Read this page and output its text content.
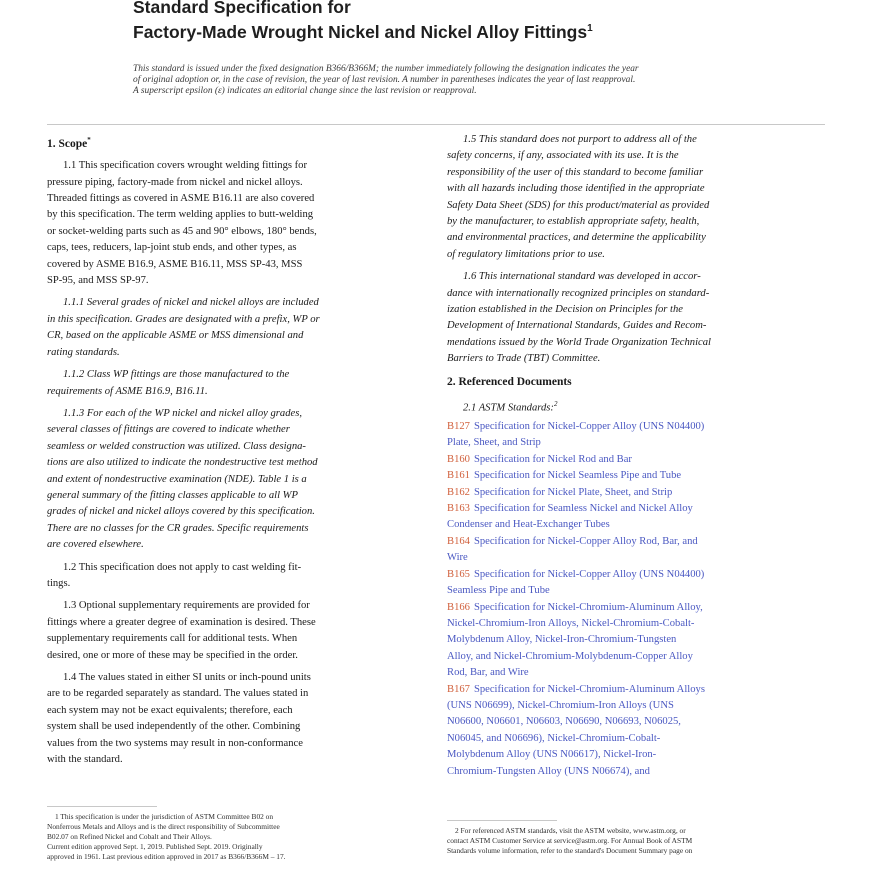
Standard Specification for
Factory-Made Wrought Nickel and Nickel Alloy Fittings$^1$
This standard is issued under the fixed designation B366/B366M; the number immediately following the designation indicates the year
of original adoption or, in the case of revision, the year of last revision. A number in parentheses indicates the year of last reapproval.
A superscript epsilon (ε) indicates an editorial change since the last revision or reapproval.
1. Scope*
1.1 This specification covers wrought welding fittings for
pressure piping, factory-made from nickel and nickel alloys.
Threaded fittings as covered in ASME B16.11 are also covered
by this specification. The term welding applies to butt-welding
or socket-welding parts such as 45 and 90° elbows, 180° bends,
caps, tees, reducers, lap-joint stub ends, and other types, as
covered by ASME B16.9, ASME B16.11, MSS SP-43, MSS
SP-95, and MSS SP-97.
1.1.1 Several grades of nickel and nickel alloys are included
in this specification. Grades are designated with a prefix, WP or
CR, based on the applicable ASME or MSS dimensional and
rating standards.
1.1.2 Class WP fittings are those manufactured to the
requirements of ASME B16.9, B16.11.
1.1.3 For each of the WP nickel and nickel alloy grades,
several classes of fittings are covered to indicate whether
seamless or welded construction was utilized. Class designa-
tions are also utilized to indicate the nondestructive test method
and extent of nondestructive examination (NDE). Table 1 is a
general summary of the fitting classes applicable to all WP
grades of nickel and nickel alloys covered by this specification.
There are no classes for the CR grades. Specific requirements
are covered elsewhere.
1.2 This specification does not apply to cast welding fit-
tings.
1.3 Optional supplementary requirements are provided for
fittings where a greater degree of examination is desired. These
supplementary requirements call for additional tests. When
desired, one or more of these may be specified in the order.
1.4 The values stated in either SI units or inch-pound units
are to be regarded separately as standard. The values stated in
each system may not be exact equivalents; therefore, each
system shall be used independently of the other. Combining
values from the two systems may result in non-conformance
with the standard.
1.5 This standard does not purport to address all of the
safety concerns, if any, associated with its use. It is the
responsibility of the user of this standard to become familiar
with all hazards including those identified in the appropriate
Safety Data Sheet (SDS) for this product/material as provided
by the manufacturer, to establish appropriate safety, health,
and environmental practices, and determine the applicability
of regulatory limitations prior to use.
1.6 This international standard was developed in accor-
dance with internationally recognized principles on standard-
ization established in the Decision on Principles for the
Development of International Standards, Guides and Recom-
mendations issued by the World Trade Organization Technical
Barriers to Trade (TBT) Committee.
2. Referenced Documents
2.1 ASTM Standards:$^2$
B127 Specification for Nickel-Copper Alloy (UNS N04400)
Plate, Sheet, and Strip
B160 Specification for Nickel Rod and Bar
B161 Specification for Nickel Seamless Pipe and Tube
B162 Specification for Nickel Plate, Sheet, and Strip
B163 Specification for Seamless Nickel and Nickel Alloy
Condenser and Heat-Exchanger Tubes
B164 Specification for Nickel-Copper Alloy Rod, Bar, and
Wire
B165 Specification for Nickel-Copper Alloy (UNS N04400)
Seamless Pipe and Tube
B166 Specification for Nickel-Chromium-Aluminum Alloy,
Nickel-Chromium-Iron Alloys, Nickel-Chromium-Cobalt-
Molybdenum Alloy, Nickel-Iron-Chromium-Tungsten
Alloy, and Nickel-Chromium-Molybdenum-Copper Alloy
Rod, Bar, and Wire
B167 Specification for Nickel-Chromium-Aluminum Alloys
(UNS N06699), Nickel-Chromium-Iron Alloys (UNS
N06600, N06601, N06603, N06690, N06693, N06025,
N06045, and N06696), Nickel-Chromium-Cobalt-
Molybdenum Alloy (UNS N06617), Nickel-Iron-
Chromium-Tungsten Alloy (UNS N06674), and
1 This specification is under the jurisdiction of ASTM Committee B02 on
Nonferrous Metals and Alloys and is the direct responsibility of Subcommittee
B02.07 on Refined Nickel and Cobalt and Their Alloys.
Current edition approved Sept. 1, 2019. Published Sept. 2019. Originally
approved in 1961. Last previous edition approved in 2017 as B366/B366M – 17.
2 For referenced ASTM standards, visit the ASTM website, www.astm.org, or
contact ASTM Customer Service at service@astm.org. For Annual Book of ASTM
Standards volume information, refer to the standard's Document Summary page on
